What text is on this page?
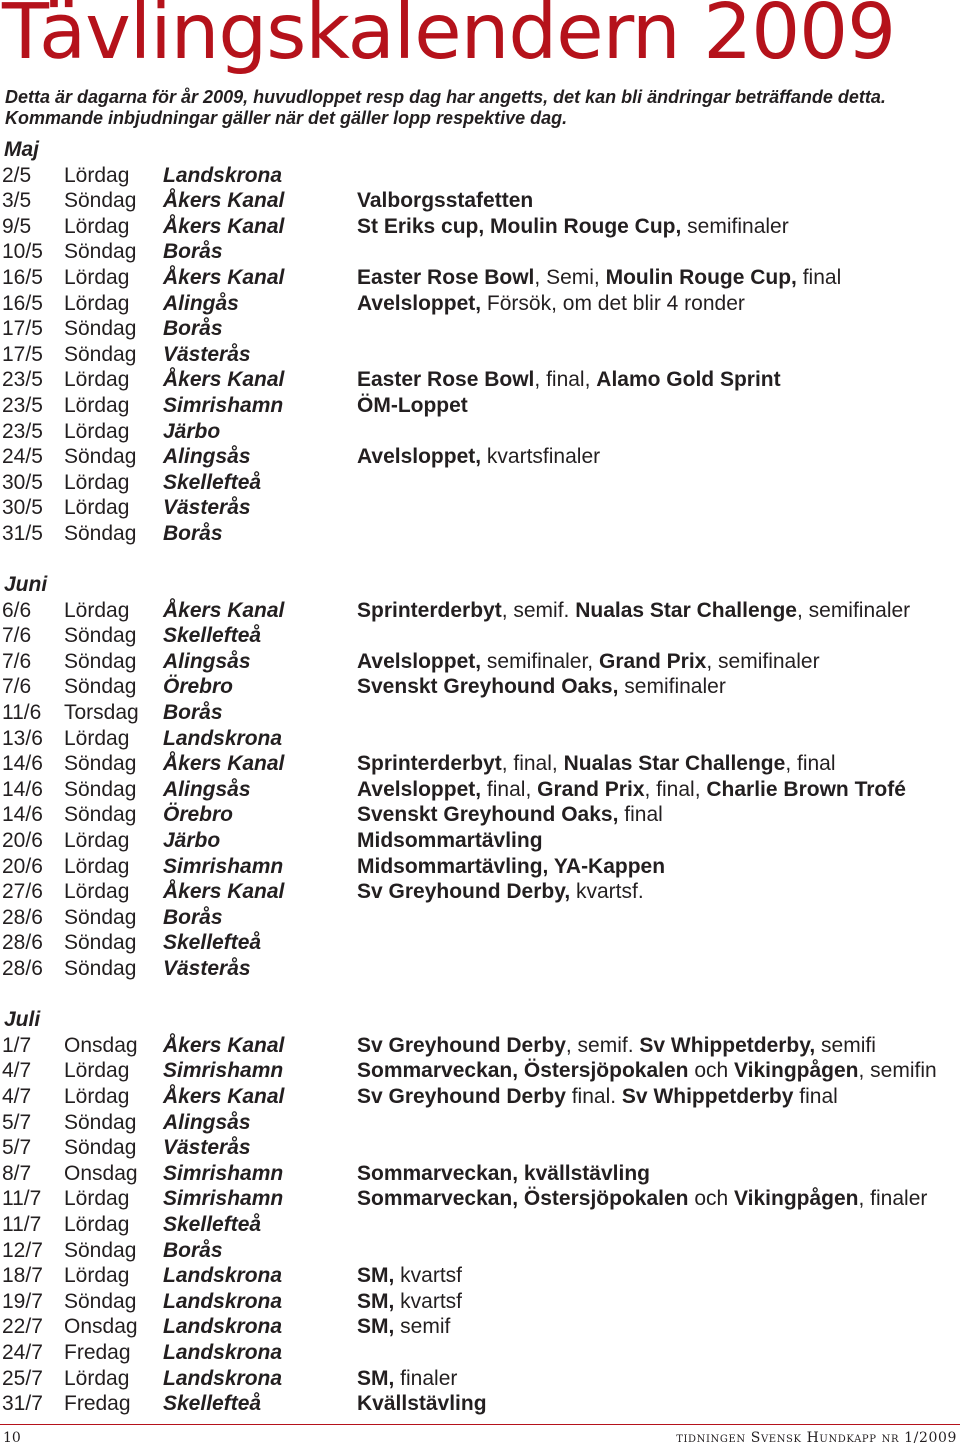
Tävlingskalendern 2009

Detta är dagarna för år 2009, huvudloppet resp dag har angetts, det kan bli ändringar beträffande detta. Kommande inbjudningar gäller när det gäller lopp respektive dag.

Maj
2/5 Lördag Landskrona
3/5 Söndag Åkers Kanal	Valborgsstafetten
9/5 Lördag Åkers Kanal	St Eriks cup, Moulin Rouge Cup, semifinaler
10/5 Söndag Borås
16/5 Lördag Åkers Kanal	Easter Rose Bowl, Semi, Moulin Rouge Cup, final
16/5 Lördag Alingås	Avelsloppet, Försök, om det blir 4 ronder
17/5 Söndag Borås
17/5 Söndag Västerås
23/5 Lördag Åkers Kanal	Easter Rose Bowl, final, Alamo Gold Sprint
23/5 Lördag Simrishamn	ÖM-Loppet
23/5 Lördag Järbo
24/5 Söndag Alingsås	Avelsloppet, kvartsfinaler
30/5 Lördag Skellefteå
30/5 Lördag Västerås
31/5 Söndag Borås
Juni
6/6 Lördag Åkers Kanal	Sprinterderbyt, semif. Nualas Star Challenge, semifinaler
7/6 Söndag Skellefteå
7/6 Söndag Alingsås	Avelsloppet, semifinaler, Grand Prix, semifinaler
7/6 Söndag Örebro	Svenskt Greyhound Oaks, semifinaler
11/6 Torsdag Borås
13/6 Lördag Landskrona
14/6 Söndag Åkers Kanal	Sprinterderbyt, final, Nualas Star Challenge, final
14/6 Söndag Alingsås	Avelsloppet, final, Grand Prix, final, Charlie Brown Trofé
14/6 Söndag Örebro	Svenskt Greyhound Oaks, final
20/6 Lördag Järbo	Midsommartävling
20/6 Lördag Simrishamn	Midsommartävling, YA-Kappen
27/6 Lördag Åkers Kanal	Sv Greyhound Derby, kvartsf.
28/6 Söndag Borås
28/6 Söndag Skellefteå
28/6 Söndag Västerås
Juli
1/7 Onsdag Åkers Kanal	Sv Greyhound Derby, semif. Sv Whippetderby, semifi
4/7 Lördag Simrishamn	Sommarveckan, Östersjöpokalen och Vikingpågen, semifin
4/7 Lördag Åkers Kanal	Sv Greyhound Derby final. Sv Whippetderby final
5/7 Söndag Alingsås
5/7 Söndag Västerås
8/7 Onsdag Simrishamn	Sommarveckan, kvällstävling
11/7 Lördag Simrishamn	Sommarveckan, Östersjöpokalen och Vikingpågen, finaler
11/7 Lördag Skellefteå
12/7 Söndag Borås
18/7 Lördag Landskrona	SM, kvartsf
19/7 Söndag Landskrona	SM, kvartsf
22/7 Onsdag Landskrona	SM, semif
24/7 Fredag Landskrona
25/7 Lördag Landskrona	SM, finaler
31/7 Fredag Skellefteå	Kvällstävling
10	tidningen Svensk Hundkapp nr 1/2009
